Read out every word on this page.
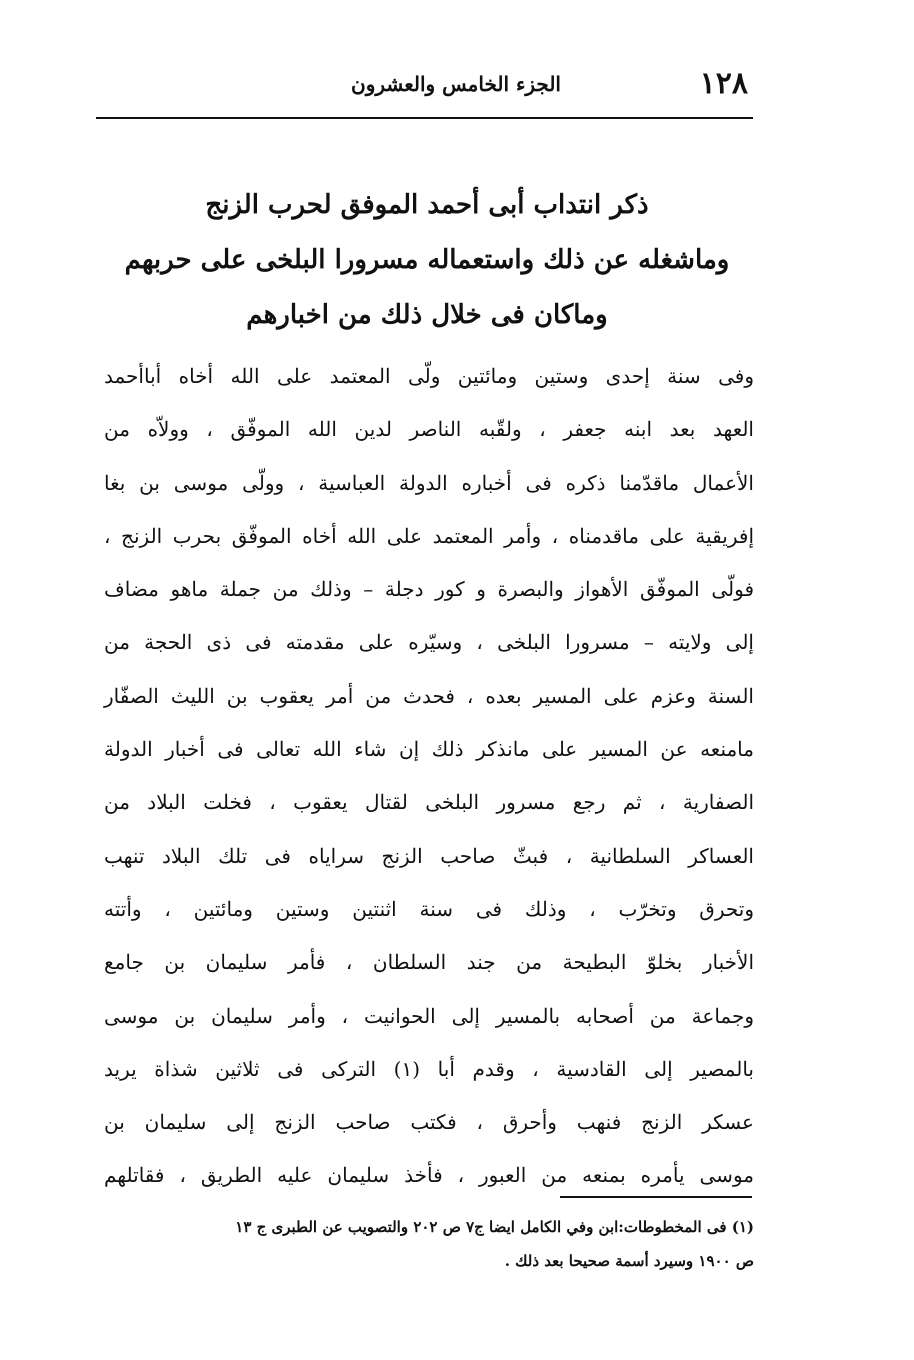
١٢٨
الجزء الخامس والعشرون
ذكر انتداب أبى أحمد الموفق لحرب الزنج
وماشغله عن ذلك واستعماله مسرورا البلخى على حربهم
وماكان فى خلال ذلك من اخبارهم
وفى سنة إحدى وستين ومائتين ولّى المعتمد على الله أخاه أباأحمد
العهد بعد ابنه جعفر ، ولقّبه الناصر لدين الله الموفّق ، وولاّه من
الأعمال ماقدّمنا ذكره فى أخباره الدولة العباسية ، وولّى موسى بن بغا
إفريقية على ماقدمناه ، وأمر المعتمد على الله أخاه الموفّق بحرب الزنج ،
فولّى الموفّق الأهواز والبصرة و كور دجلة – وذلك من جملة ماهو مضاف
إلى ولايته – مسرورا البلخى ، وسيّره على مقدمته فى ذى الحجة من
السنة وعزم على المسير بعده ، فحدث من أمر يعقوب بن الليث الصفّار
مامنعه عن المسير على مانذكر ذلك إن شاء الله تعالى فى أخبار الدولة
الصفارية ، ثم رجع مسرور البلخى لقتال يعقوب ، فخلت البلاد من
العساكر السلطانية ، فبثّ صاحب الزنج سراياه فى تلك البلاد تنهب
وتحرق وتخرّب ، وذلك فى سنة اثنتين وستين ومائتين ، وأتته
الأخبار بخلوّ البطيحة من جند السلطان ، فأمر سليمان بن جامع
وجماعة من أصحابه بالمسير إلى الحوانيت ، وأمر سليمان بن موسى
بالمصير إلى القادسية ، وقدم أبا (١) التركى فى ثلاثين شذاة يريد
عسكر الزنج فنهب وأحرق ، فكتب صاحب الزنج إلى سليمان بن
موسى يأمره بمنعه من العبور ، فأخذ سليمان عليه الطريق ، فقاتلهم
(١) فى المخطوطات:ابن وفي الكامل ايضا ج٧ ص ٢٠٢ والتصويب عن الطبرى ج ١٣
ص ١٩٠٠ وسيرد أسمة صحيحا بعد ذلك .
